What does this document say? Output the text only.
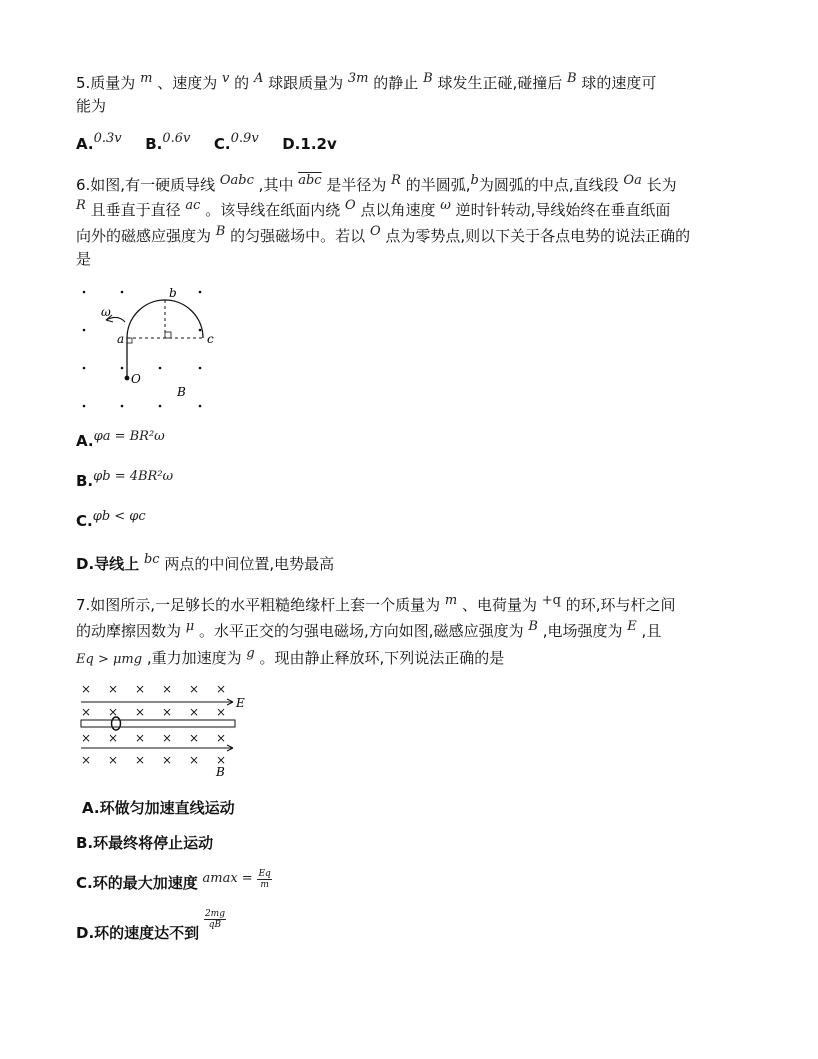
5.质量为 m 、速度为 v 的 A 球跟质量为 3m 的静止 B 球发生正碰,碰撞后 B 球的速度可
能为
A.0.3v B.0.6v C.0.9v D.1.2v
6.如图,有一硬质导线 Oabc ,其中 $\overline{abc}$ 是半径为 R 的半圆弧,b为圆弧的中点,直线段 Oa 长为
R 且垂直于直径 ac 。该导线在纸面内绕 O 点以角速度 ω 逆时针转动,导线始终在垂直纸面
向外的磁感应强度为 B 的匀强磁场中。若以 O 点为零势点,则以下关于各点电势的说法正确的
是
b
ω
a	c
O
B
A.φa = BR²ω
B.φb = 4BR²ω
C.φb < φc
D.导线上 bc 两点的中间位置,电势最高
7.如图所示,一足够长的水平粗糙绝缘杆上套一个质量为 m 、电荷量为 +q 的环,环与杆之间
的动摩擦因数为 μ 。水平正交的匀强电磁场,方向如图,磁感应强度为 B ,电场强度为 E ,且
Eq > μmg ,重力加速度为 g 。现由静止释放环,下列说法正确的是
× × × × × ×
× × × × × ×
× × × × × ×
× × × × × ×
E
B
A.环做匀加速直线运动
B.环最终将停止运动
C.环的最大加速度 $amax = \frac{Eq}{m}$
D.环的速度达不到
$\frac{2mg}{qB}$
